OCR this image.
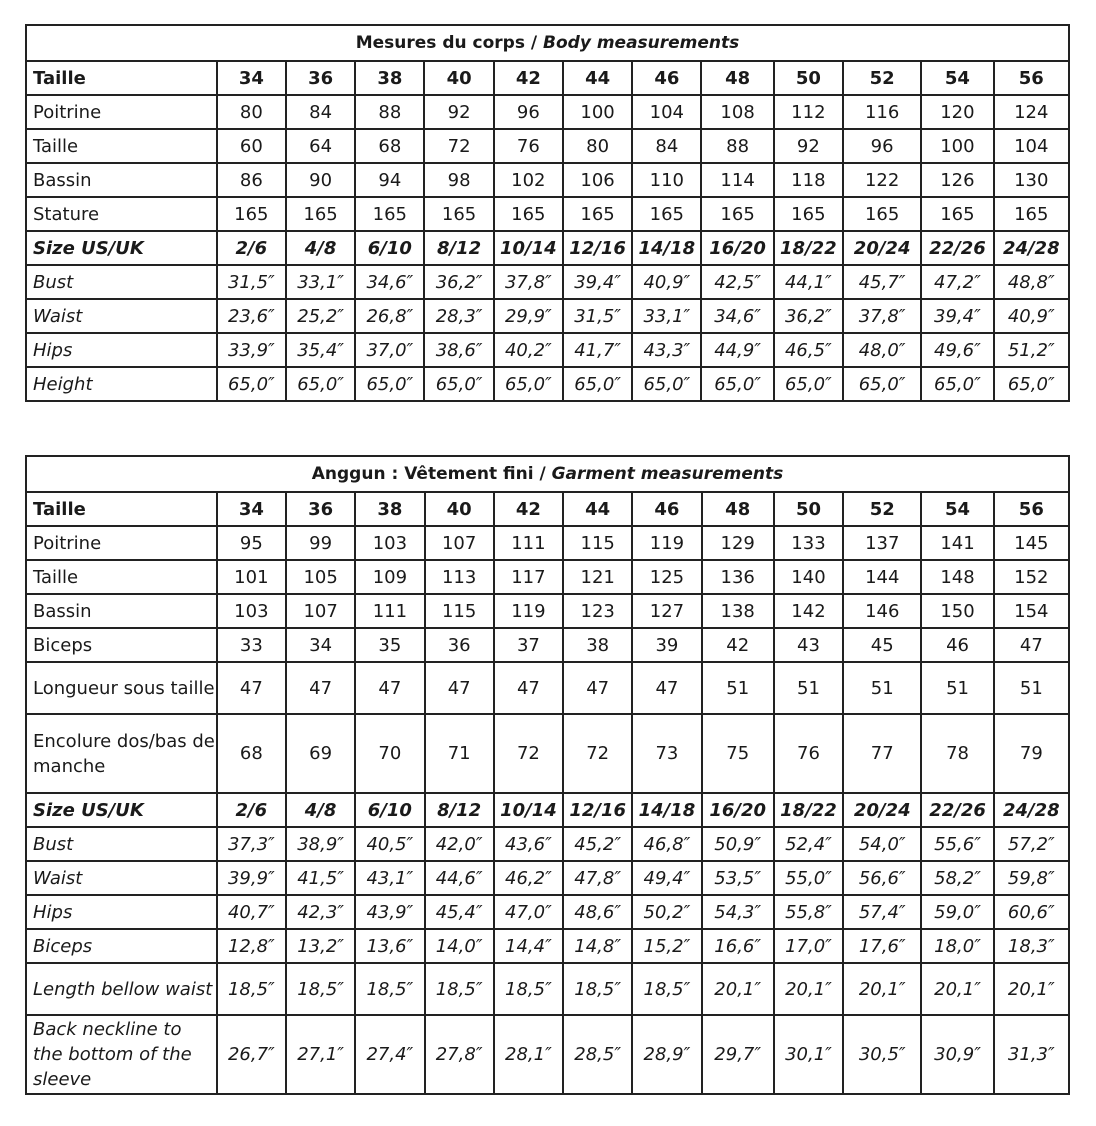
Mesures du corps / Body measurements												
Taille	34	36	38	40	42	44	46	48	50	52	54	56
Poitrine	80	84	88	92	96	100	104	108	112	116	120	124
Taille	60	64	68	72	76	80	84	88	92	96	100	104
Bassin	86	90	94	98	102	106	110	114	118	122	126	130
Stature	165	165	165	165	165	165	165	165	165	165	165	165
Size US/UK	2/6	4/8	6/10	8/12	10/14	12/16	14/18	16/20	18/22	20/24	22/26	24/28
Bust	31,5″	33,1″	34,6″	36,2″	37,8″	39,4″	40,9″	42,5″	44,1″	45,7″	47,2″	48,8″
Waist	23,6″	25,2″	26,8″	28,3″	29,9″	31,5″	33,1″	34,6″	36,2″	37,8″	39,4″	40,9″
Hips	33,9″	35,4″	37,0″	38,6″	40,2″	41,7″	43,3″	44,9″	46,5″	48,0″	49,6″	51,2″
Height	65,0″	65,0″	65,0″	65,0″	65,0″	65,0″	65,0″	65,0″	65,0″	65,0″	65,0″	65,0″
Anggun : Vêtement fini / Garment measurements												
Taille	34	36	38	40	42	44	46	48	50	52	54	56
Poitrine	95	99	103	107	111	115	119	129	133	137	141	145
Taille	101	105	109	113	117	121	125	136	140	144	148	152
Bassin	103	107	111	115	119	123	127	138	142	146	150	154
Biceps	33	34	35	36	37	38	39	42	43	45	46	47
Longueur sous taille	47	47	47	47	47	47	47	51	51	51	51	51
Encolure dos/bas de manche	68	69	70	71	72	72	73	75	76	77	78	79
Size US/UK	2/6	4/8	6/10	8/12	10/14	12/16	14/18	16/20	18/22	20/24	22/26	24/28
Bust	37,3″	38,9″	40,5″	42,0″	43,6″	45,2″	46,8″	50,9″	52,4″	54,0″	55,6″	57,2″
Waist	39,9″	41,5″	43,1″	44,6″	46,2″	47,8″	49,4″	53,5″	55,0″	56,6″	58,2″	59,8″
Hips	40,7″	42,3″	43,9″	45,4″	47,0″	48,6″	50,2″	54,3″	55,8″	57,4″	59,0″	60,6″
Biceps	12,8″	13,2″	13,6″	14,0″	14,4″	14,8″	15,2″	16,6″	17,0″	17,6″	18,0″	18,3″
Length bellow waist	18,5″	18,5″	18,5″	18,5″	18,5″	18,5″	18,5″	20,1″	20,1″	20,1″	20,1″	20,1″
Back neckline to the bottom of the sleeve	26,7″	27,1″	27,4″	27,8″	28,1″	28,5″	28,9″	29,7″	30,1″	30,5″	30,9″	31,3″
